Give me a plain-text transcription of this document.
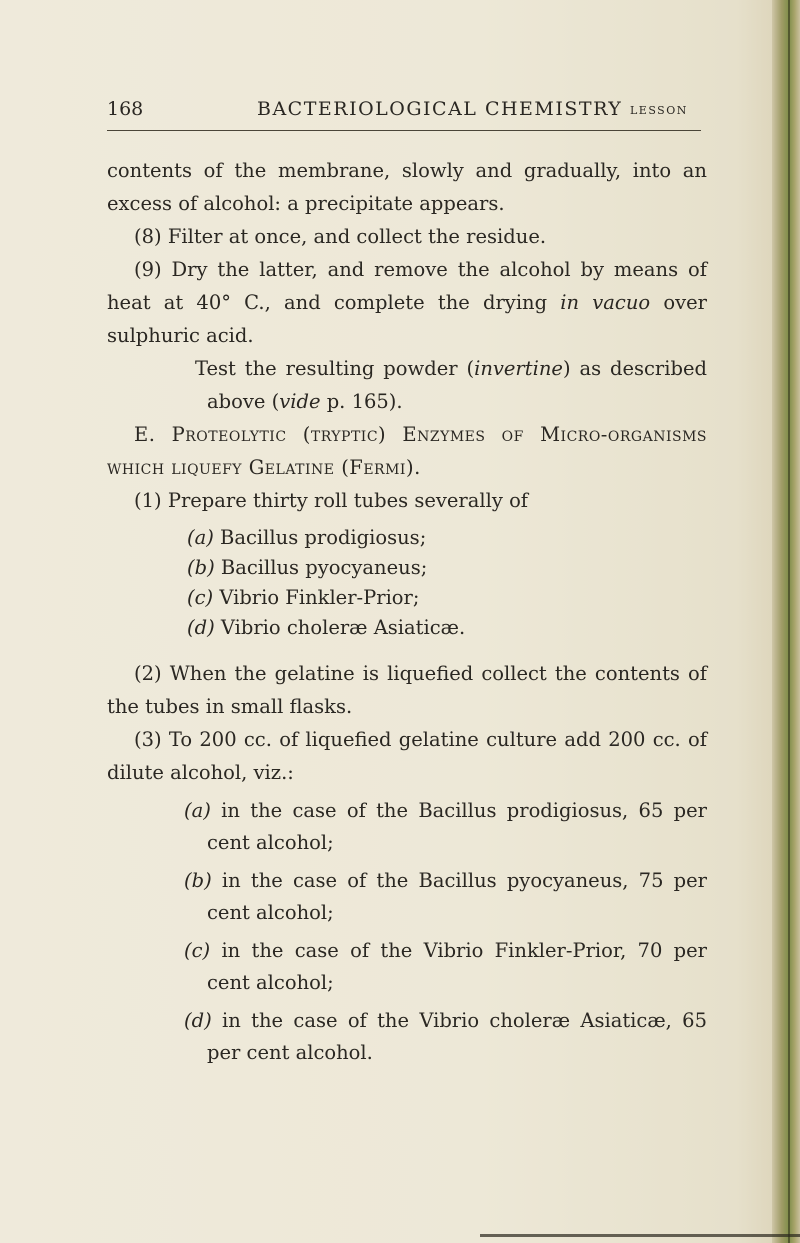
168	BACTERIOLOGICAL CHEMISTRY LESSON

contents of the membrane, slowly and gradually, into an excess of alcohol: a precipitate appears.

(8) Filter at once, and collect the residue.

(9) Dry the latter, and remove the alcohol by means of heat at 40° C., and complete the drying in vacuo over sulphuric acid.

Test the resulting powder (invertine) as described above (vide p. 165).

E. Proteolytic (tryptic) Enzymes of Micro-organisms which liquefy Gelatine (Fermi).

(1) Prepare thirty roll tubes severally of

(a) Bacillus prodigiosus;

(b) Bacillus pyocyaneus;

(c) Vibrio Finkler-Prior;

(d) Vibrio choleræ Asiaticæ.

(2) When the gelatine is liquefied collect the contents of the tubes in small flasks.

(3) To 200 cc. of liquefied gelatine culture add 200 cc. of dilute alcohol, viz.:

(a) in the case of the Bacillus prodigiosus, 65 per cent alcohol;

(b) in the case of the Bacillus pyocyaneus, 75 per cent alcohol;

(c) in the case of the Vibrio Finkler-Prior, 70 per cent alcohol;

(d) in the case of the Vibrio choleræ Asiaticæ, 65 per cent alcohol.
